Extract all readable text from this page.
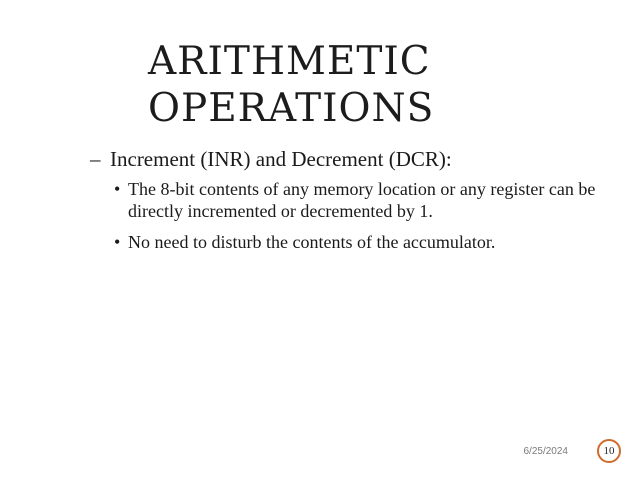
ARITHMETIC
OPERATIONS

– Increment (INR) and Decrement (DCR):

• The 8-bit contents of any memory location or any register can be directly incremented or decremented by 1.
• No need to disturb the contents of the accumulator.
6/25/2024	10
